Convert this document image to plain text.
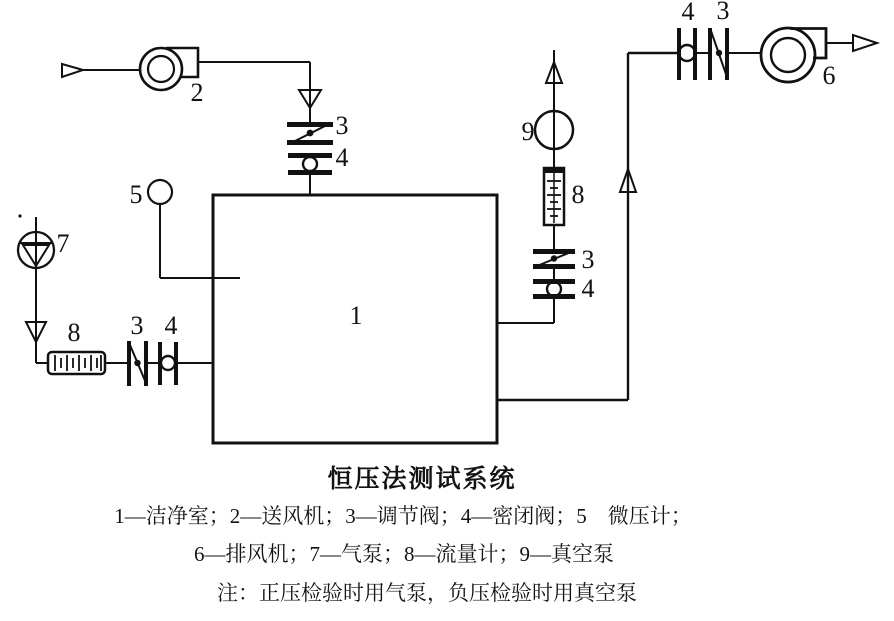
2
3
4
1
5
7
8 3 4
4
3
8
9
4 3
6
恒压法测试系统
1—洁净室；2—送风机；3—调节阀；4—密闭阀；5　微压计；
6—排风机；7—气泵；8—流量计；9—真空泵
注：正压检验时用气泵，负压检验时用真空泵
